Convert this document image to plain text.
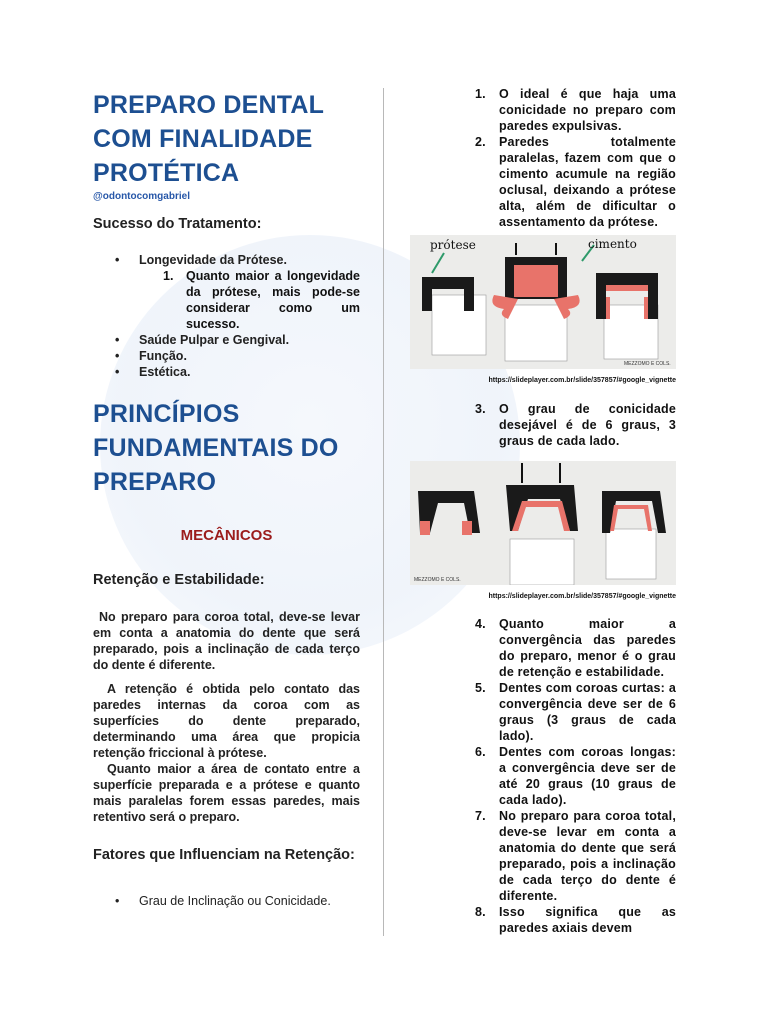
PREPARO DENTAL COM FINALIDADE PROTÉTICA
@odontocomgabriel
Sucesso do Tratamento:
• Longevidade da Prótese.
1. Quanto maior a longevidade da prótese, mais pode-se considerar como um sucesso.
• Saúde Pulpar e Gengival.
• Função.
• Estética.
PRINCÍPIOS FUNDAMENTAIS DO PREPARO
MECÂNICOS
Retenção e Estabilidade:

No preparo para coroa total, deve-se levar em conta a anatomia do dente que será preparado, pois a inclinação de cada terço do dente é diferente.

A retenção é obtida pelo contato das paredes internas da coroa com as superfícies do dente preparado, determinando uma área que propicia retenção friccional à prótese.

Quanto maior a área de contato entre a superfície preparada e a prótese e quanto mais paralelas forem essas paredes, mais retentivo será o preparo.

Fatores que Influenciam na Retenção:
• Grau de Inclinação ou Conicidade.
1. O ideal é que haja uma conicidade no preparo com paredes expulsivas.
2. Paredes totalmente paralelas, fazem com que o cimento acumule na região oclusal, deixando a prótese alta, além de dificultar o assentamento da prótese.
prótese	cimento
MEZZOMO E COLS.
https://slideplayer.com.br/slide/357857/#google_vignette
3. O grau de conicidade desejável é de 6 graus, 3 graus de cada lado.
MEZZOMO E COLS.
https://slideplayer.com.br/slide/357857/#google_vignette
4. Quanto maior a convergência das paredes do preparo, menor é o grau de retenção e estabilidade.
5. Dentes com coroas curtas: a convergência deve ser de 6 graus (3 graus de cada lado).
6. Dentes com coroas longas: a convergência deve ser de até 20 graus (10 graus de cada lado).
7. No preparo para coroa total, deve-se levar em conta a anatomia do dente que será preparado, pois a inclinação de cada terço do dente é diferente.
8. Isso significa que as paredes axiais devem
